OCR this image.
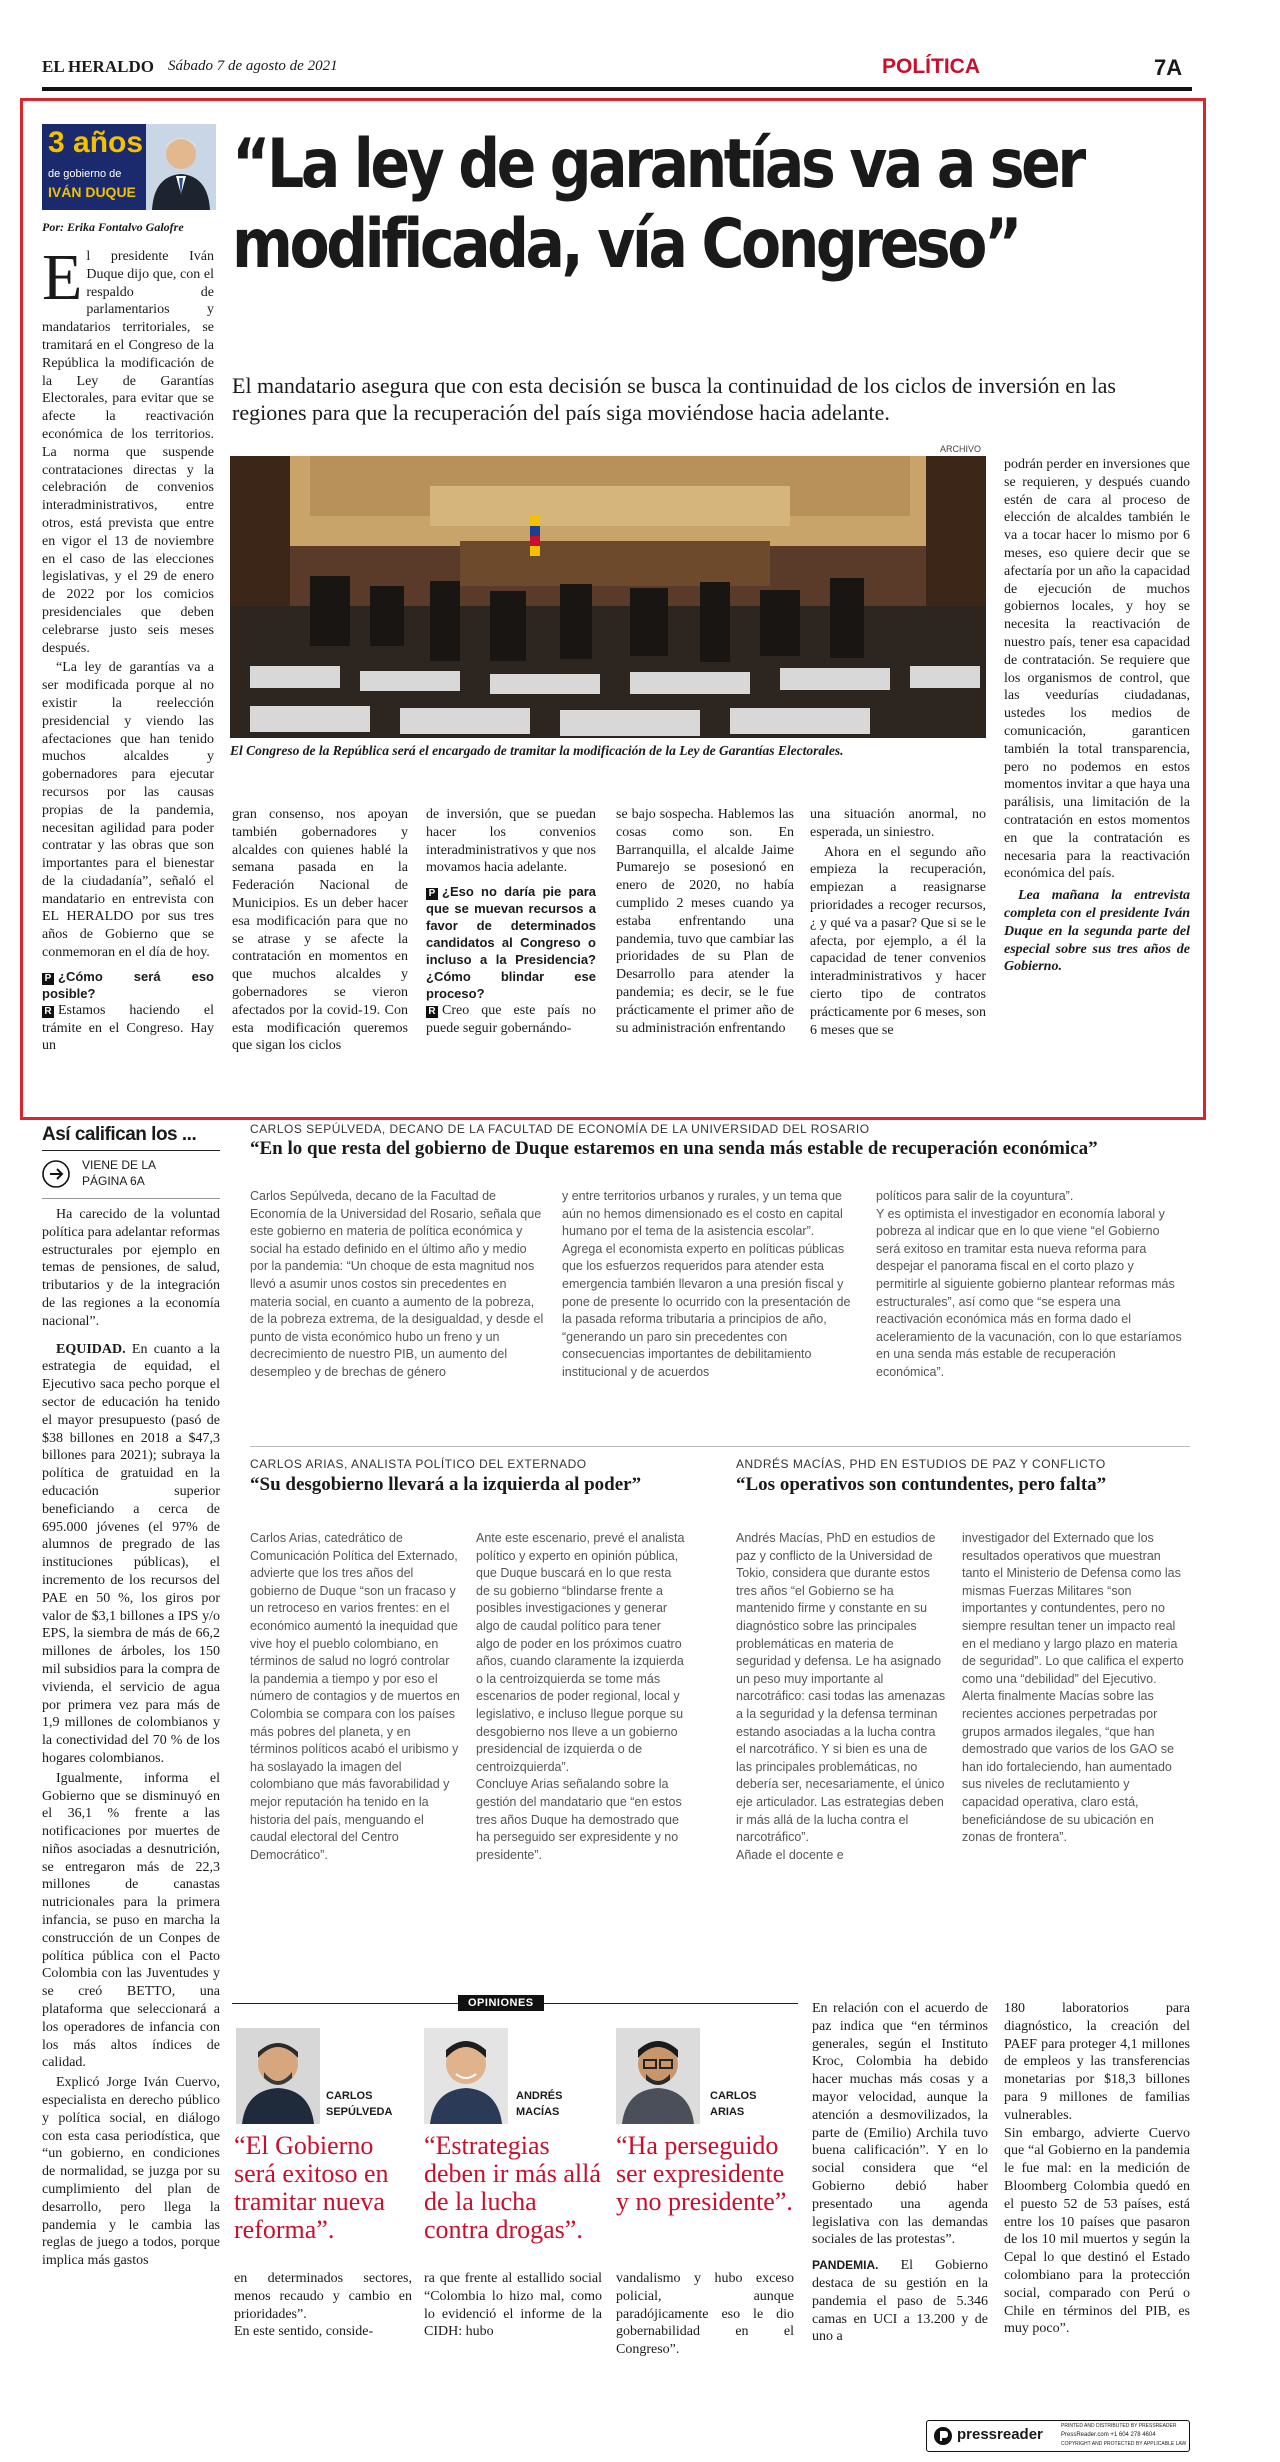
EL HERALDO Sábado 7 de agosto de 2021	POLÍTICA	7A
3 años
de gobierno de
IVÁN DUQUE
Por: Erika Fontalvo Galofre
“La ley de garantías va a ser modificada, vía Congreso”
El mandatario asegura que con esta decisión se busca la continuidad de los ciclos de inversión en las regiones para que la recuperación del país siga moviéndose hacia adelante.
ARCHIVO
El Congreso de la República será el encargado de tramitar la modificación de la Ley de Garantías Electorales.
E l presidente Iván Duque dijo que, con el respaldo de parlamentarios y mandatarios territoriales, se tramitará en el Congreso de la República la modificación de la Ley de Garantías Electorales, para evitar que se afecte la reactivación económica de los territorios. La norma que suspende contrataciones directas y la celebración de convenios interadministrativos, entre otros, está prevista que entre en vigor el 13 de noviembre en el caso de las elecciones legislativas, y el 29 de enero de 2022 por los comicios presidenciales que deben celebrarse justo seis meses después.

“La ley de garantías va a ser modificada porque al no existir la reelección presidencial y viendo las afectaciones que han tenido muchos alcaldes y gobernadores para ejecutar recursos por las causas propias de la pandemia, necesitan agilidad para poder contratar y las obras que son importantes para el bienestar de la ciudadanía”, señaló el mandatario en entrevista con EL HERALDO por sus tres años de Gobierno que se conmemoran en el día de hoy.

P ¿Cómo será eso posible?

R Estamos haciendo el trámite en el Congreso. Hay un

gran consenso, nos apoyan también gobernadores y alcaldes con quienes hablé la semana pasada en la Federación Nacional de Municipios. Es un deber hacer esa modificación para que no se atrase y se afecte la contratación en momentos en que muchos alcaldes y gobernadores se vieron afectados por la covid-19. Con esta modificación queremos que sigan los ciclos

de inversión, que se puedan hacer los convenios interadministrativos y que nos movamos hacia adelante.

P ¿Eso no daría pie para que se muevan recursos a favor de determinados candidatos al Congreso o incluso a la Presidencia? ¿Cómo blindar ese proceso?

R Creo que este país no puede seguir gobernándo-

se bajo sospecha. Hablemos las cosas como son. En Barranquilla, el alcalde Jaime Pumarejo se posesionó en enero de 2020, no había cumplido 2 meses cuando ya estaba enfrentando una pandemia, tuvo que cambiar las prioridades de su Plan de Desarrollo para atender la pandemia; es decir, se le fue prácticamente el primer año de su administración enfrentando

una situación anormal, no esperada, un siniestro.

Ahora en el segundo año empieza la recuperación, empiezan a reasignarse prioridades a recoger recursos, ¿ y qué va a pasar? Que si se le afecta, por ejemplo, a él la capacidad de tener convenios interadministrativos y hacer cierto tipo de contratos prácticamente por 6 meses, son 6 meses que se

podrán perder en inversiones que se requieren, y después cuando estén de cara al proceso de elección de alcaldes también le va a tocar hacer lo mismo por 6 meses, eso quiere decir que se afectaría por un año la capacidad de ejecución de muchos gobiernos locales, y hoy se necesita la reactivación de nuestro país, tener esa capacidad de contratación. Se requiere que los organismos de control, que las veedurías ciudadanas, ustedes los medios de comunicación, garanticen también la total transparencia, pero no podemos en estos momentos invitar a que haya una parálisis, una limitación de la contratación en estos momentos en que la contratación es necesaria para la reactivación económica del país.

Lea mañana la entrevista completa con el presidente Iván Duque en la segunda parte del especial sobre sus tres años de Gobierno.

Así califican los ...
VIENE DE LA
PÁGINA 6A

Ha carecido de la voluntad política para adelantar reformas estructurales por ejemplo en temas de pensiones, de salud, tributarios y de la integración de las regiones a la economía nacional”.

EQUIDAD. En cuanto a la estrategia de equidad, el Ejecutivo saca pecho porque el sector de educación ha tenido el mayor presupuesto (pasó de $38 billones en 2018 a $47,3 billones para 2021); subraya la política de gratuidad en la educación superior beneficiando a cerca de 695.000 jóvenes (el 97% de alumnos de pregrado de las instituciones públicas), el incremento de los recursos del PAE en 50 %, los giros por valor de $3,1 billones a IPS y/o EPS, la siembra de más de 66,2 millones de árboles, los 150 mil subsidios para la compra de vivienda, el servicio de agua por primera vez para más de 1,9 millones de colombianos y la conectividad del 70 % de los hogares colombianos.

Igualmente, informa el Gobierno que se disminuyó en el 36,1 % frente a las notificaciones por muertes de niños asociadas a desnutrición, se entregaron más de 22,3 millones de canastas nutricionales para la primera infancia, se puso en marcha la construcción de un Conpes de política pública con el Pacto Colombia con las Juventudes y se creó BETTO, una plataforma que seleccionará a los operadores de infancia con los más altos índices de calidad.

Explicó Jorge Iván Cuervo, especialista en derecho público y política social, en diálogo con esta casa periodística, que “un gobierno, en condiciones de normalidad, se juzga por su cumplimiento del plan de desarrollo, pero llega la pandemia y le cambia las reglas de juego a todos, porque implica más gastos

CARLOS SEPÚLVEDA, DECANO DE LA FACULTAD DE ECONOMÍA DE LA UNIVERSIDAD DEL ROSARIO
“En lo que resta del gobierno de Duque estaremos en una senda más estable de recuperación económica”
Carlos Sepúlveda, decano de la Facultad de Economía de la Universidad del Rosario, señala que este gobierno en materia de política económica y social ha estado definido en el último año y medio por la pandemia: “Un choque de esta magnitud nos llevó a asumir unos costos sin precedentes en materia social, en cuanto a aumento de la pobreza, de la pobreza extrema, de la desigualdad, y desde el punto de vista económico hubo un freno y un decrecimiento de nuestro PIB, un aumento del desempleo y de brechas de género
y entre territorios urbanos y rurales, y un tema que aún no hemos dimensionado es el costo en capital humano por el tema de la asistencia escolar”.
Agrega el economista experto en políticas públicas que los esfuerzos requeridos para atender esta emergencia también llevaron a una presión fiscal y pone de presente lo ocurrido con la presentación de la pasada reforma tributaria a principios de año, “generando un paro sin precedentes con consecuencias importantes de debilitamiento institucional y de acuerdos
políticos para salir de la coyuntura”.
Y es optimista el investigador en economía laboral y pobreza al indicar que en lo que viene “el Gobierno será exitoso en tramitar esta nueva reforma para despejar el panorama fiscal en el corto plazo y permitirle al siguiente gobierno plantear reformas más estructurales”, así como que “se espera una reactivación económica más en forma dado el aceleramiento de la vacunación, con lo que estaríamos en una senda más estable de recuperación económica”.
CARLOS ARIAS, ANALISTA POLÍTICO DEL EXTERNADO
“Su desgobierno llevará a la izquierda al poder”
Carlos Arias, catedrático de Comunicación Política del Externado, advierte que los tres años del gobierno de Duque “son un fracaso y un retroceso en varios frentes: en el económico aumentó la inequidad que vive hoy el pueblo colombiano, en términos de salud no logró controlar la pandemia a tiempo y por eso el número de contagios y de muertos en Colombia se compara con los países más pobres del planeta, y en términos políticos acabó el uribismo y ha soslayado la imagen del colombiano que más favorabilidad y mejor reputación ha tenido en la historia del país, menguando el caudal electoral del Centro Democrático”.
Ante este escenario, prevé el analista político y experto en opinión pública, que Duque buscará en lo que resta de su gobierno “blindarse frente a posibles investigaciones y generar algo de caudal político para tener algo de poder en los próximos cuatro años, cuando claramente la izquierda o la centroizquierda se tome más escenarios de poder regional, local y legislativo, e incluso llegue porque su desgobierno nos lleve a un gobierno presidencial de izquierda o de centroizquierda”.
Concluye Arias señalando sobre la gestión del mandatario que “en estos tres años Duque ha demostrado que ha perseguido ser expresidente y no presidente”.
ANDRÉS MACÍAS, PHD EN ESTUDIOS DE PAZ Y CONFLICTO
“Los operativos son contundentes, pero falta”
Andrés Macías, PhD en estudios de paz y conflicto de la Universidad de Tokio, considera que durante estos tres años “el Gobierno se ha mantenido firme y constante en su diagnóstico sobre las principales problemáticas en materia de seguridad y defensa. Le ha asignado un peso muy importante al narcotráfico: casi todas las amenazas a la seguridad y la defensa terminan estando asociadas a la lucha contra el narcotráfico. Y si bien es una de las principales problemáticas, no debería ser, necesariamente, el único eje articulador. Las estrategias deben ir más allá de la lucha contra el narcotráfico”.
Añade el docente e
investigador del Externado que los resultados operativos que muestran tanto el Ministerio de Defensa como las mismas Fuerzas Militares “son importantes y contundentes, pero no siempre resultan tener un impacto real en el mediano y largo plazo en materia de seguridad”. Lo que califica el experto como una “debilidad” del Ejecutivo.
Alerta finalmente Macías sobre las recientes acciones perpetradas por grupos armados ilegales, “que han demostrado que varios de los GAO se han ido fortaleciendo, han aumentado sus niveles de reclutamiento y capacidad operativa, claro está, beneficiándose de su ubicación en zonas de frontera”.
OPINIONES
CARLOS
SEPÚLVEDA
“El Gobierno será exitoso en tramitar nueva reforma”.
ANDRÉS
MACÍAS
“Estrategias deben ir más allá de la lucha contra drogas”.
CARLOS
ARIAS
“Ha perseguido ser expresidente y no presidente”.
en determinados sectores, menos recaudo y cambio en prioridades”.
En este sentido, conside-
ra que frente al estallido social “Colombia lo hizo mal, como lo evidenció el informe de la CIDH: hubo
vandalismo y hubo exceso policial, aunque paradójicamente eso le dio gobernabilidad en el Congreso”.

En relación con el acuerdo de paz indica que “en términos generales, según el Instituto Kroc, Colombia ha debido hacer muchas más cosas y a mayor velocidad, aunque la atención a desmovilizados, la parte de (Emilio) Archila tuvo buena calificación”. Y en lo social considera que “el Gobierno debió haber presentado una agenda legislativa con las demandas sociales de las protestas”.

PANDEMIA. El Gobierno destaca de su gestión en la pandemia el paso de 5.346 camas en UCI a 13.200 y de uno a

180 laboratorios para diagnóstico, la creación del PAEF para proteger 4,1 millones de empleos y las transferencias monetarias por $18,3 billones para 9 millones de familias vulnerables.
Sin embargo, advierte Cuervo que “al Gobierno en la pandemia le fue mal: en la medición de Bloomberg Colombia quedó en el puesto 52 de 53 países, está entre los 10 países que pasaron de los 10 mil muertos y según la Cepal lo que destinó el Estado colombiano para la protección social, comparado con Perú o Chile en términos del PIB, es muy poco”.
pressreader	PRINTED AND DISTRIBUTED BY PRESSREADER
PressReader.com +1 604 278 4604
COPYRIGHT AND PROTECTED BY APPLICABLE LAW
